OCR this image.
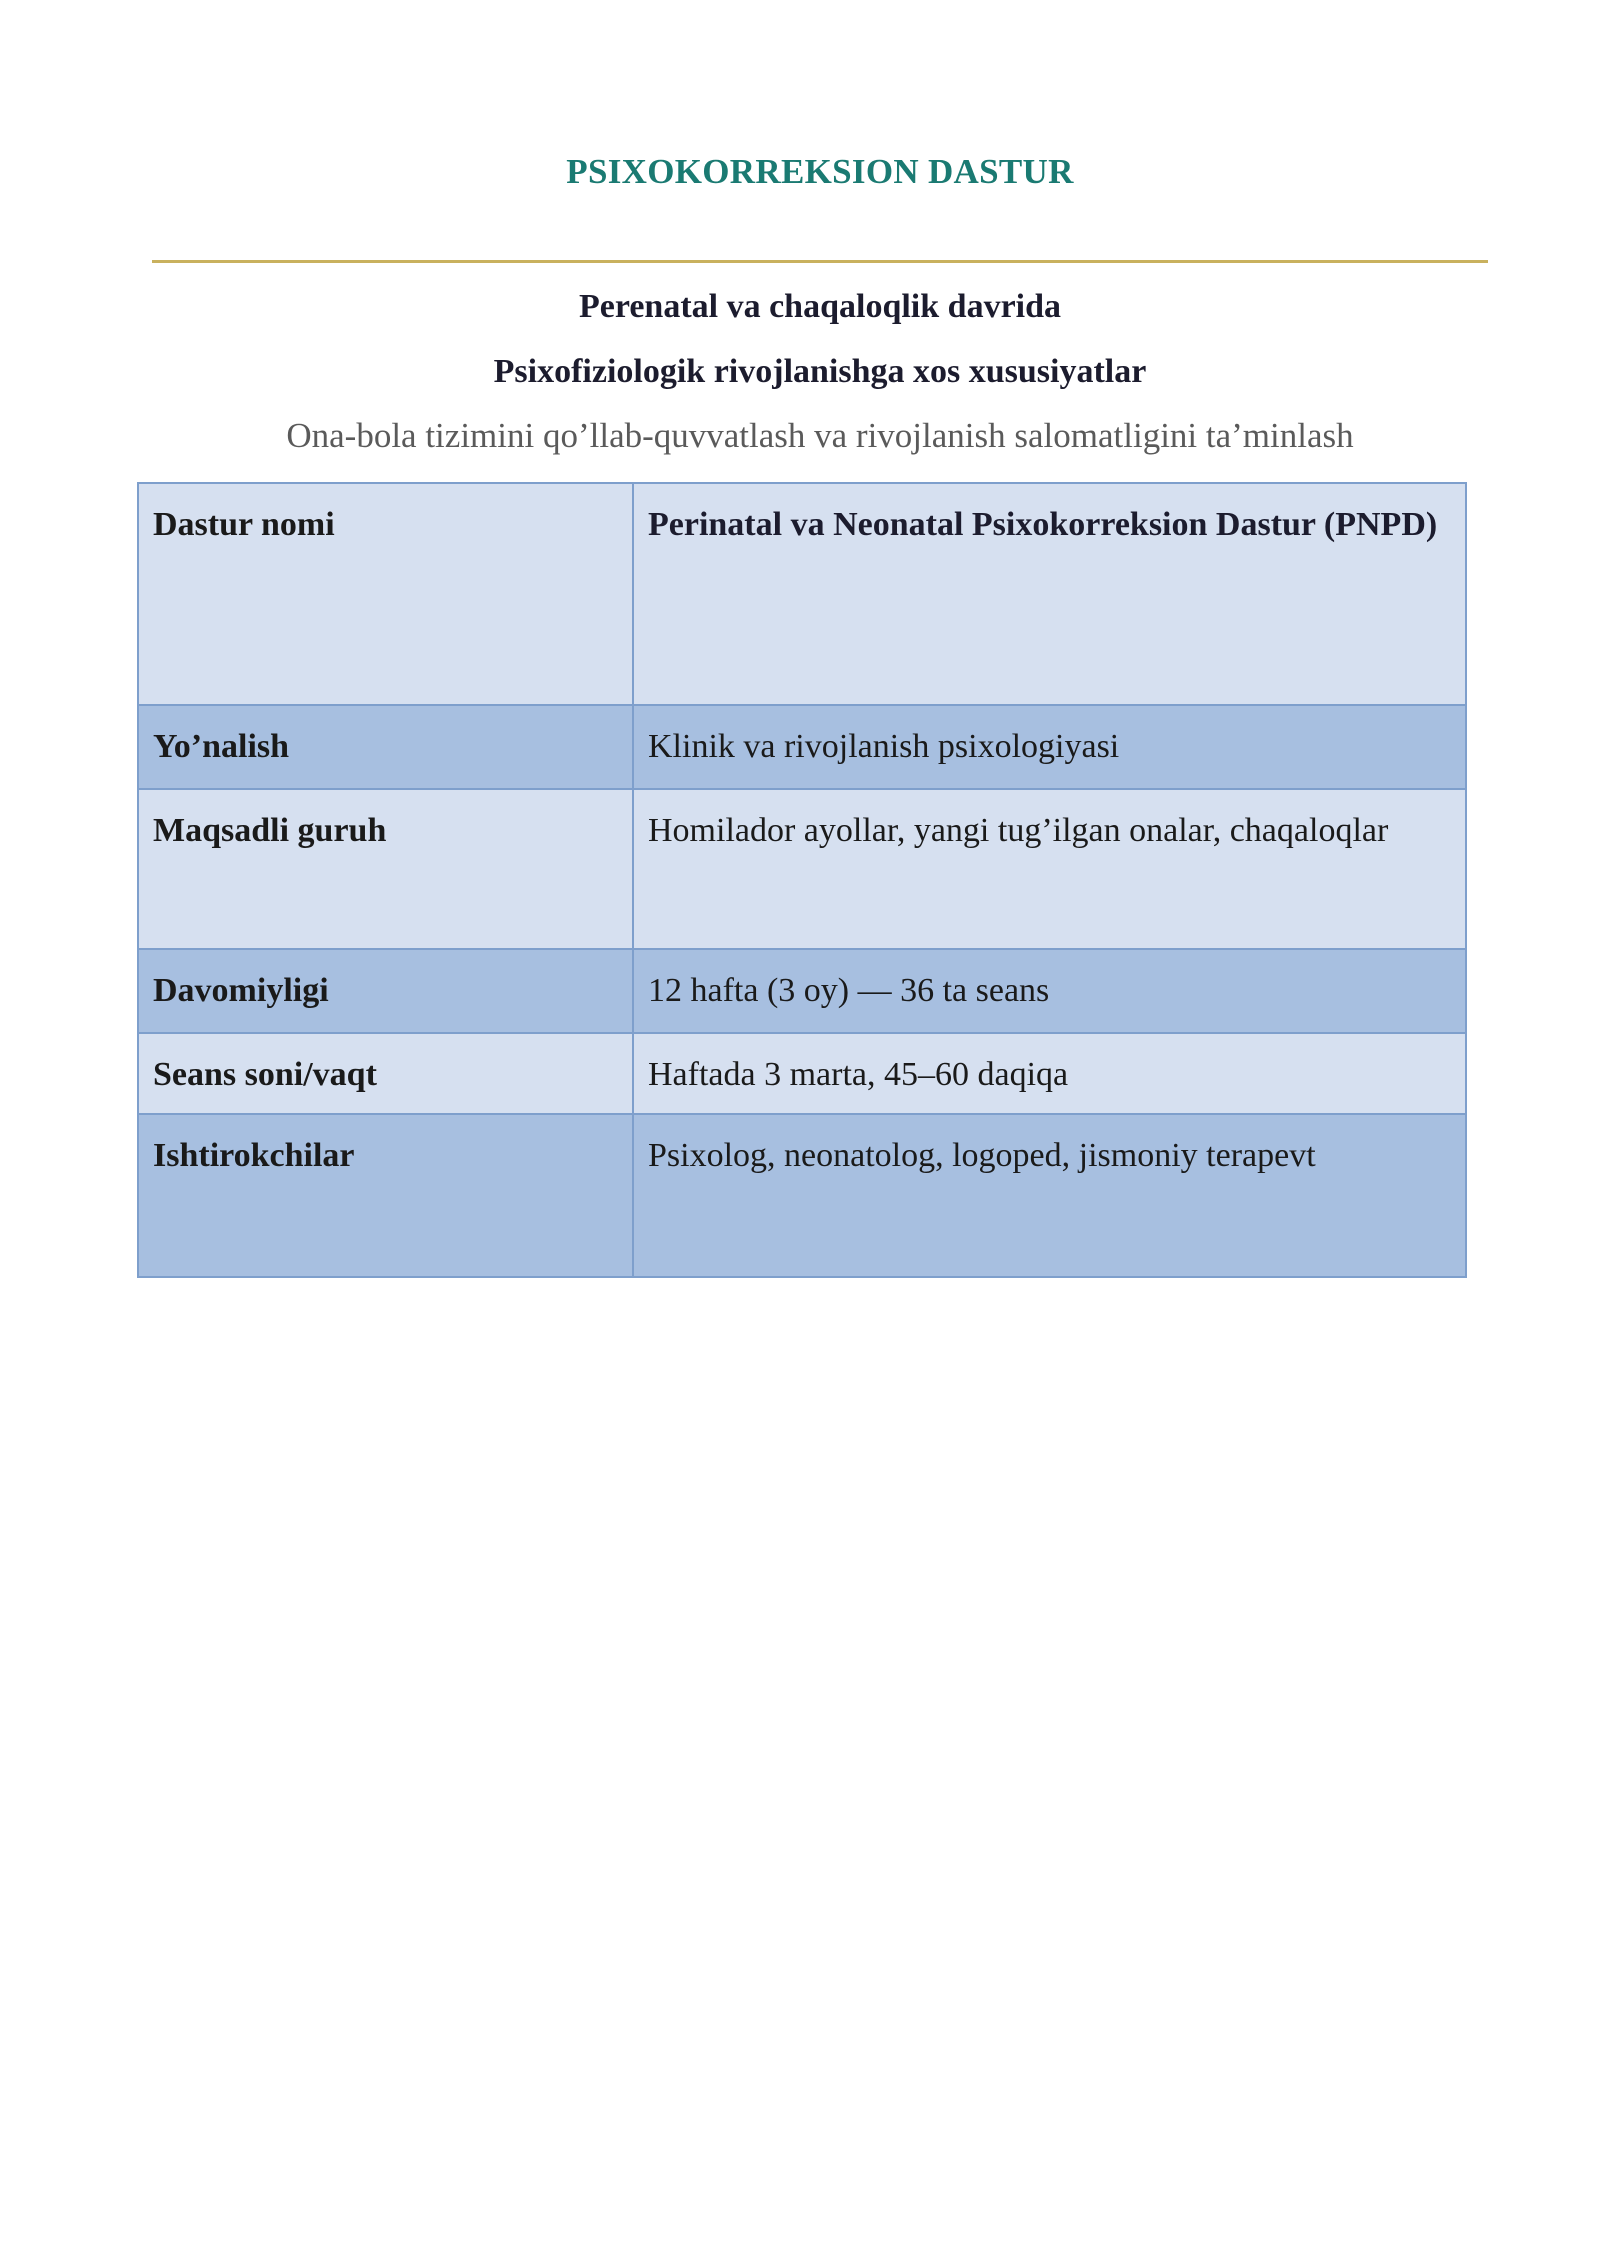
PSIXOKORREKSION DASTUR
Perenatal va chaqaloqlik davrida
Psixofiziologik rivojlanishga xos xususiyatlar
Ona-bola tizimini qo’llab-quvvatlash va rivojlanish salomatligini ta’minlash
Dastur nomi	Perinatal va Neonatal Psixokorreksion Dastur (PNPD)
Yo’nalish	Klinik va rivojlanish psixologiyasi
Maqsadli guruh	Homilador ayollar, yangi tug’ilgan onalar, chaqaloqlar
Davomiyligi	12 hafta (3 oy) — 36 ta seans
Seans soni/vaqt	Haftada 3 marta, 45–60 daqiqa
Ishtirokchilar	Psixolog, neonatolog, logoped, jismoniy terapevt
